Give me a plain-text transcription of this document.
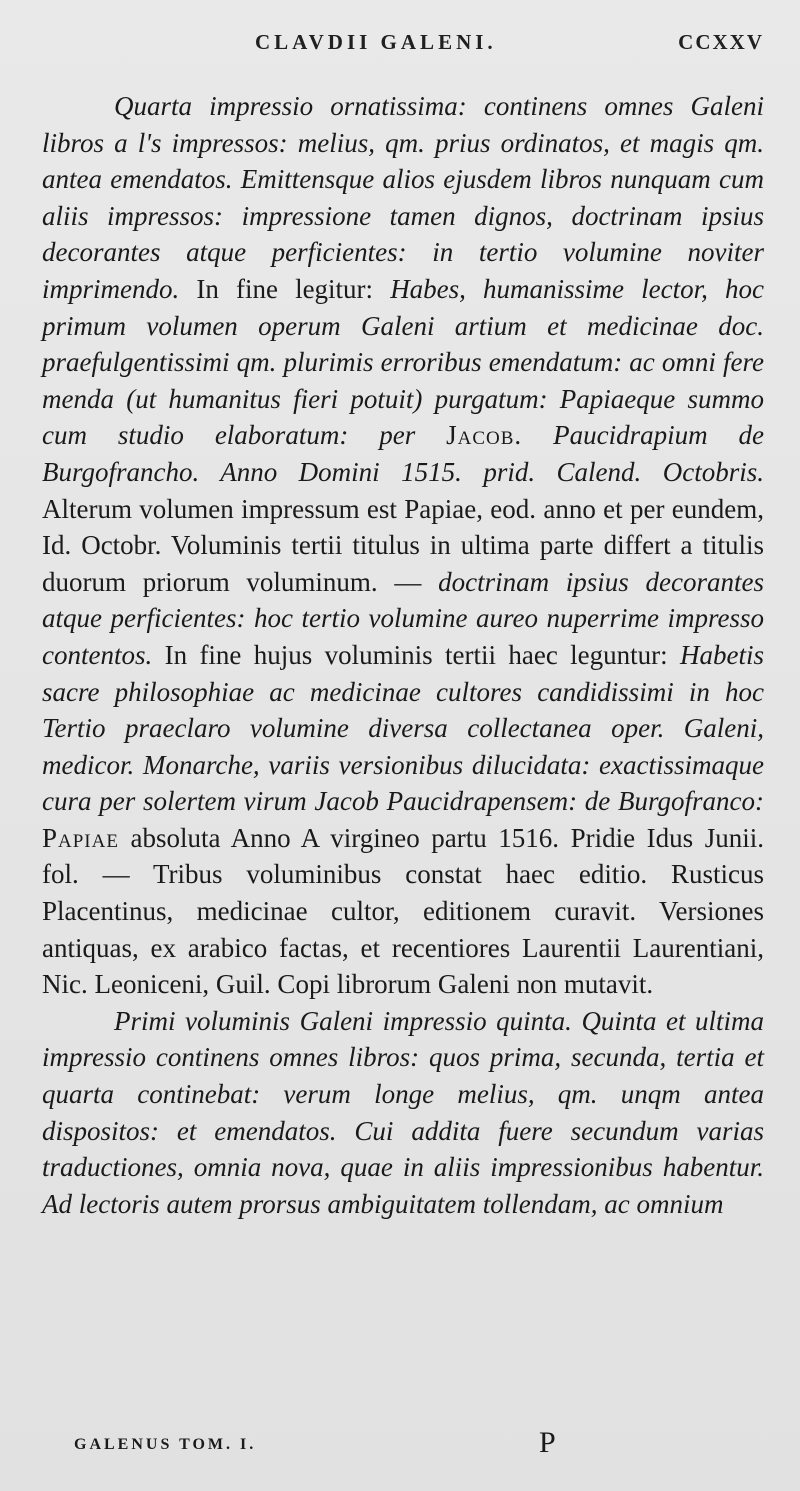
CLAVDII GALENI.	CCXXV

Quarta impressio ornatissima: continens omnes Galeni libros a l's impressos: melius, qm. prius ordinatos, et magis qm. antea emendatos. Emittensque alios ejusdem libros nunquam cum aliis impressos: impressione tamen dignos, doctrinam ipsius decorantes atque perficientes: in tertio volumine noviter imprimendo. In fine legitur: Habes, humanissime lector, hoc primum volumen operum Galeni artium et medicinae doc. praefulgentissimi qm. plurimis erroribus emendatum: ac omni fere menda (ut humanitus fieri potuit) purgatum: Papiaeque summo cum studio elaboratum: per Jacob. Paucidrapium de Burgofrancho. Anno Domini 1515. prid. Calend. Octobris. Alterum volumen impressum est Papiae, eod. anno et per eundem, Id. Octobr. Voluminis tertii titulus in ultima parte differt a titulis duorum priorum voluminum. — doctrinam ipsius decorantes atque perficientes: hoc tertio volumine aureo nuperrime impresso contentos. In fine hujus voluminis tertii haec leguntur: Habetis sacre philosophiae ac medicinae cultores candidissimi in hoc Tertio praeclaro volumine diversa collectanea oper. Galeni, medicor. Monarche, variis versionibus dilucidata: exactissimaque cura per solertem virum Jacob Paucidrapensem: de Burgofranco: Papiae absoluta Anno A virgineo partu 1516. Pridie Idus Junii. fol. — Tribus voluminibus constat haec editio. Rusticus Placentinus, medicinae cultor, editionem curavit. Versiones antiquas, ex arabico factas, et recentiores Laurentii Laurentiani, Nic. Leoniceni, Guil. Copi librorum Galeni non mutavit.

Primi voluminis Galeni impressio quinta. Quinta et ultima impressio continens omnes libros: quos prima, secunda, tertia et quarta continebat: verum longe melius, qm. unqm antea dispositos: et emendatos. Cui addita fuere secundum varias traductiones, omnia nova, quae in aliis impressionibus habentur. Ad lectoris autem prorsus ambiguitatem tollendam, ac omnium

GALENUS TOM. I.	P
